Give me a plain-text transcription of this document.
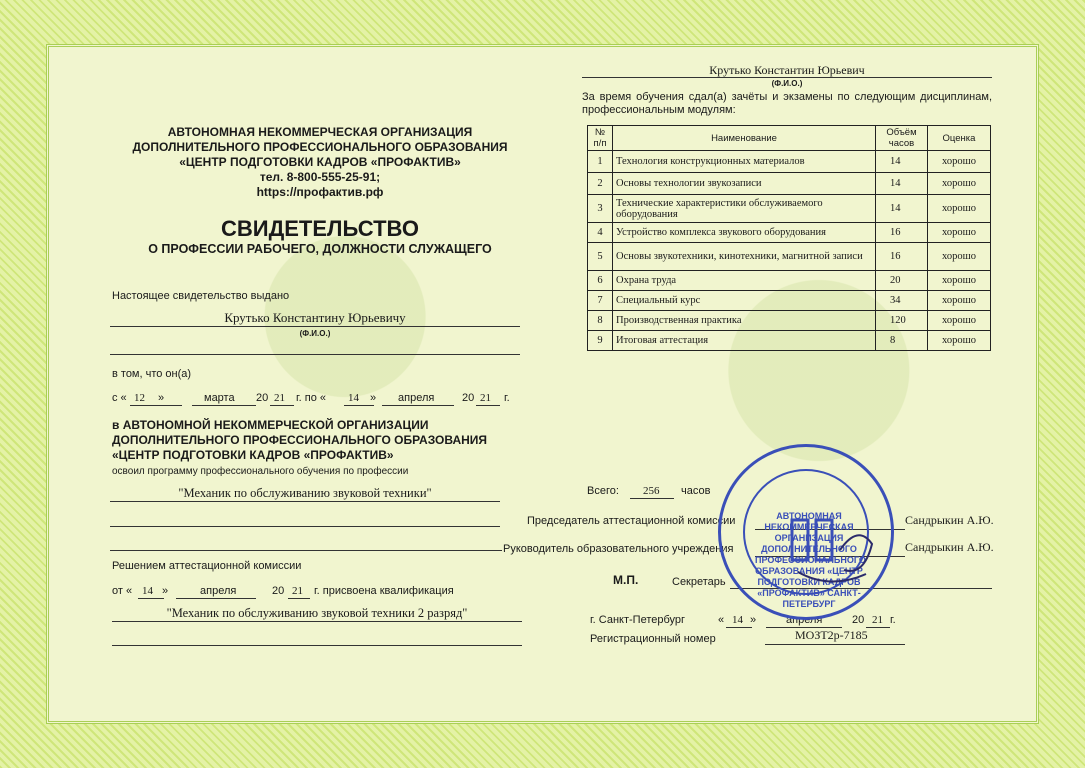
АВТОНОМНАЯ НЕКОММЕРЧЕСКАЯ ОРГАНИЗАЦИЯ
ДОПОЛНИТЕЛЬНОГО ПРОФЕССИОНАЛЬНОГО ОБРАЗОВАНИЯ
«ЦЕНТР ПОДГОТОВКИ КАДРОВ «ПРОФАКТИВ»
тел. 8-800-555-25-91;
https://профактив.рф
СВИДЕТЕЛЬСТВО
О ПРОФЕССИИ РАБОЧЕГО, ДОЛЖНОСТИ СЛУЖАЩЕГО
Настоящее свидетельство выдано
Крутько Константину Юрьевичу
(Ф.И.О.)
в том, что он(а)
с « 12 »	марта 20 21 г. по « 14 » апреля	20 21 г.
в АВТОНОМНОЙ НЕКОММЕРЧЕСКОЙ ОРГАНИЗАЦИИ
ДОПОЛНИТЕЛЬНОГО ПРОФЕССИОНАЛЬНОГО ОБРАЗОВАНИЯ
«ЦЕНТР ПОДГОТОВКИ КАДРОВ «ПРОФАКТИВ»
освоил программу профессионального обучения по профессии
"Механик по обслуживанию звуковой техники"
Решением аттестационной комиссии
от « 14 »	апреля	20 21 г. присвоена квалификация
"Механик по обслуживанию звуковой техники 2 разряд"
Крутько Константин Юрьевич
(Ф.И.О.)
За время обучения сдал(а) зачёты и экзамены по следующим дисциплинам, профессиональным модулям:
№ п/п	Наименование	Объём часов	Оценка
1	Технология конструкционных материалов	14	хорошо
2	Основы технологии звукозаписи	14	хорошо
3	Технические характеристики обслуживаемого оборудования	14	хорошо
4	Устройство комплекса звукового оборудования	16	хорошо
5	Основы звукотехники, кинотехники, магнитной записи	16	хорошо
6	Охрана труда	20	хорошо
7	Специальный курс	34	хорошо
8	Производственная практика	120	хорошо
9	Итоговая аттестация	8	хорошо
Всего: 256 часов
Председатель аттестационной комиссии	Сандрыкин А.Ю.
Руководитель образовательного учреждения	Сандрыкин А.Ю.
М.П.	Секретарь
г. Санкт-Петербург	« 14 »	апреля	20 21 г.
Регистрационный номер	МОЗТ2р-7185
АВТОНОМНАЯ НЕКОММЕРЧЕСКАЯ ОРГАНИЗАЦИЯ ДОПОЛНИТЕЛЬНОГО ПРОФЕССИОНАЛЬНОГО ОБРАЗОВАНИЯ «ЦЕНТР ПОДГОТОВКИ КАДРОВ «ПРОФАКТИВ» САНКТ-ПЕТЕРБУРГ
